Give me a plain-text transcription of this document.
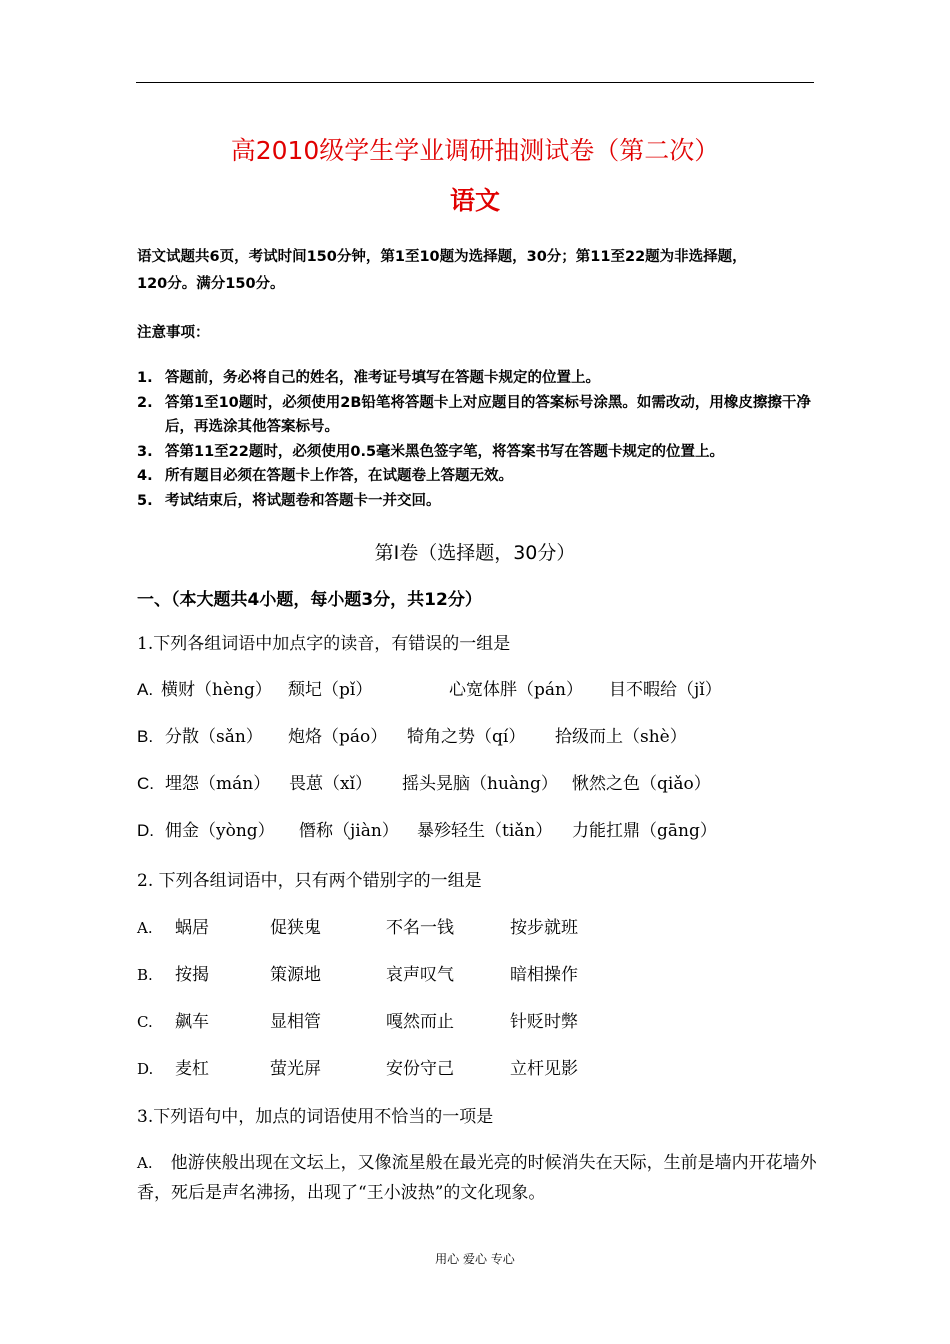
高2010级学生学业调研抽测试卷（第二次）
语文
语文试题共6页，考试时间150分钟，第1至10题为选择题，30分；第11至22题为非选择题，
120分。满分150分。
注意事项：
1. 答题前，务必将自己的姓名，准考证号填写在答题卡规定的位置上。
2. 答第1至10题时，必须使用2B铅笔将答题卡上对应题目的答案标号涂黑。如需改动，用橡皮擦擦干净后，再选涂其他答案标号。
3. 答第11至22题时，必须使用0.5毫米黑色签字笔，将答案书写在答题卡规定的位置上。
4. 所有题目必须在答题卡上作答，在试题卷上答题无效。
5. 考试结束后，将试题卷和答题卡一并交回。
第Ⅰ卷（选择题，30分）
一、（本大题共4小题，每小题3分，共12分）
1.下列各组词语中加点字的读音，有错误的一组是
A. 横财（hèng） 颓圮（pǐ）	心宽体胖（pán） 目不暇给（jǐ）
B. 分散（sǎn） 炮烙（páo） 犄角之势（qí） 拾级而上（shè）
C. 埋怨（mán） 畏葸（xǐ） 摇头晃脑（huàng） 愀然之色（qiǎo）
D. 佣金（yòng） 僭称（jiàn） 暴殄轻生（tiǎn） 力能扛鼎（gāng）
2. 下列各组词语中，只有两个错别字的一组是
A. 蜗居	促狭鬼	不名一钱	按步就班
B. 按揭	策源地	哀声叹气	暗相操作
C. 飙车	显相管	嘎然而止	针贬时弊
D. 麦杠	萤光屏	安份守己	立杆见影
3.下列语句中，加点的词语使用不恰当的一项是
A. 他游侠般出现在文坛上，又像流星般在最光亮的时候消失在天际，生前是墙内开花墙外香，死后是声名沸扬，出现了“王小波热”的文化现象。
用心 爱心 专心
